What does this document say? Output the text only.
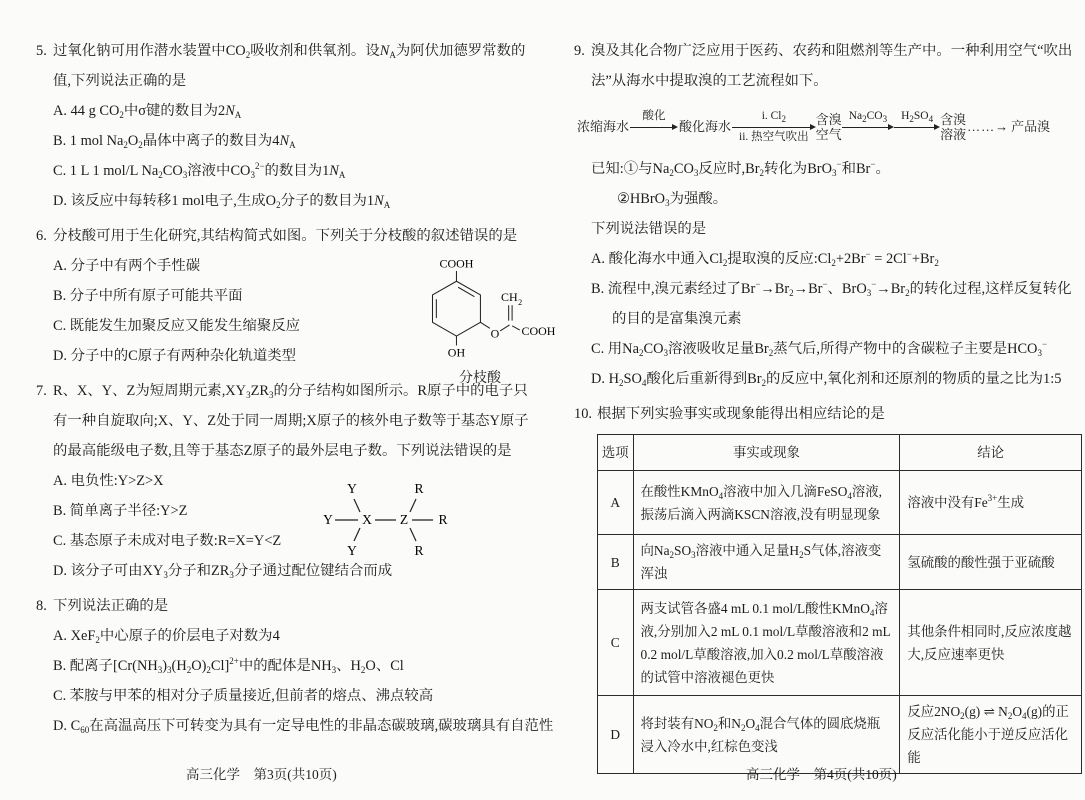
5. 过氧化钠可用作潜水装置中$CO_2$吸收剂和供氧剂。设$N_A$为阿伏加德罗常数的值,下列说法正确的是
A. 44 g $CO_2$中σ键的数目为$2N_A$
B. 1 mol $Na_2O_2$晶体中离子的数目为$4N_A$
C. 1 L 1 mol/L $Na_2CO_3$溶液中$CO_3^{2-}$的数目为$1N_A$
D. 该反应中每转移1 mol电子,生成$O_2$分子的数目为$1N_A$
6. 分枝酸可用于生化研究,其结构简式如图。下列关于分枝酸的叙述错误的是
A. 分子中有两个手性碳
B. 分子中所有原子可能共平面
C. 既能发生加聚反应又能发生缩聚反应
D. 分子中的C原子有两种杂化轨道类型
COOH
OH
O
CH 2
COOH
分枝酸
7. R、X、Y、Z为短周期元素$,XY_3ZR_3$的分子结构如图所示。R原子中的电子只有一种自旋取向;X、Y、Z处于同一周期;X原子的核外电子数等于基态Y原子的最高能级电子数,且等于基态Z原子的最外层电子数。下列说法错误的是
A. 电负性:Y>Z>X
B. 简单离子半径:Y>Z
C. 基态原子未成对电子数:R=X=Y<Z
D. 该分子可由$XY_3$分子和$ZR_3$分子通过配位键结合而成
Y	R
Y X Z R
Y	R
8. 下列说法正确的是
A. XeF$_2$中心原子的价层电子对数为4
B. 配离子$[Cr(NH_3)_3(H_2O)_2Cl]^{2+}$中的配体是$NH_3$、$H_2O$、Cl
C. 苯胺与甲苯的相对分子质量接近,但前者的熔点、沸点较高
D. $C_{60}$在高温高压下可转变为具有一定导电性的非晶态碳玻璃,碳玻璃具有自范性
9. 溴及其化合物广泛应用于医药、农药和阻燃剂等生产中。一种利用空气“吹出法”从海水中提取溴的工艺流程如下。
浓缩海水
酸化
酸化海水
i. $Cl_2$
ii. 热空气吹出
含溴
空气
$Na_2CO_3$	$H_2SO_4$ 含溴
溶液
……→ 产品溴
已知:①与$Na_2CO_3$反应时$,Br_2$转化为BrO$_3$−和Br−。
②HBrO$_3$为强酸。
下列说法错误的是
A. 酸化海水中通入$Cl_2$提取溴的反应$:Cl_2+2Br^- = 2Cl^-+Br_2$
B. 流程中,溴元素经过了$Br^-\to Br_2\to Br^-$、$BrO_3^-\to Br_2$的转化过程,这样反复转化的目的是富集溴元素
C. 用$Na_2CO_3$溶液吸收足量$Br_2$蒸气后,所得产物中的含碳粒子主要是$HCO_3^-$
D. $H_2SO_4$酸化后重新得到$Br_2$的反应中,氧化剂和还原剂的物质的量之比为1:5
10. 根据下列实验事实或现象能得出相应结论的是
选项	事实或现象	结论
A	在酸性KMnO$_4$溶液中加入几滴FeSO$_4$溶液,振荡后滴入两滴KSCN溶液,没有明显现象	溶液中没有$Fe^{3+}$生成
B	向$Na_2SO_3$溶液中通入足量$H_2S$气体,溶液变浑浊	氢硫酸的酸性强于亚硫酸
C	两支试管各盛4 mL 0.1 mol/L酸性KMnO$_4$溶液,分别加入2 mL 0.1 mol/L草酸溶液和2 mL 0.2 mol/L草酸溶液,加入0.2 mol/L草酸溶液的试管中溶液褪色更快	其他条件相同时,反应浓度越大,反应速率更快
D	将封装有$NO_2$和$N_2O_4$混合气体的圆底烧瓶浸入冷水中,红棕色变浅	反应$2NO_2(g)$ ⇌ $N_2O_4(g)$的正反应活化能小于逆反应活化能
高三化学　第3页(共10页)	高三化学　第4页(共10页)
